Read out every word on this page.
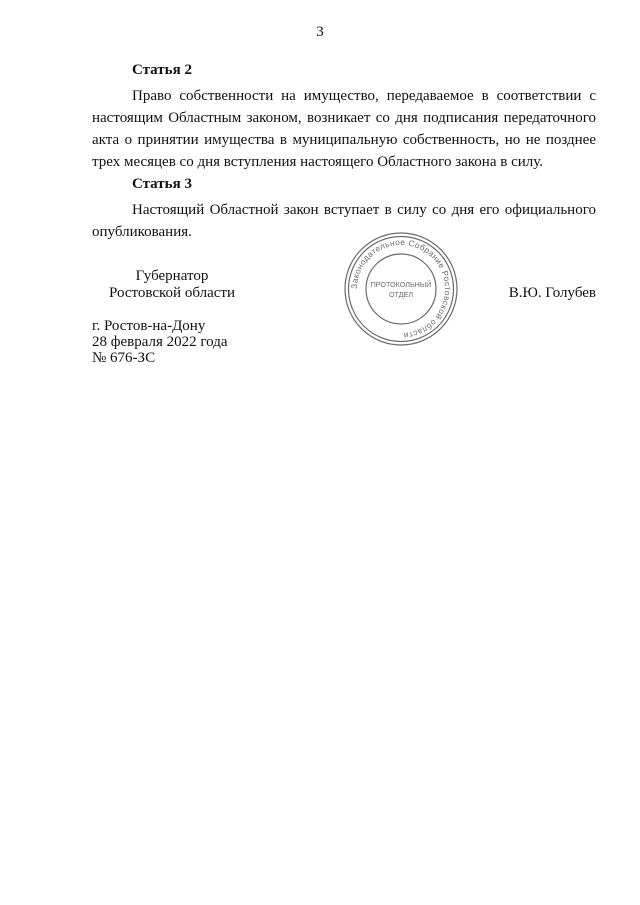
3

Статья 2

Право собственности на имущество, передаваемое в соответствии с настоящим Областным законом, возникает со дня подписания передаточного акта о принятии имущества в муниципальную собственность, но не позднее трех месяцев со дня вступления настоящего Областного закона в силу.

Статья 3

Настоящий Областной закон вступает в силу со дня его официального опубликования.

Губернатор
Ростовской области	Законодательное Собрание Ростовской области
ПРОТОКОЛЬНЫЙ
ОТДЕЛ	В.Ю. Голубев
г. Ростов-на-Дону
28 февраля 2022 года
№ 676-ЗС
